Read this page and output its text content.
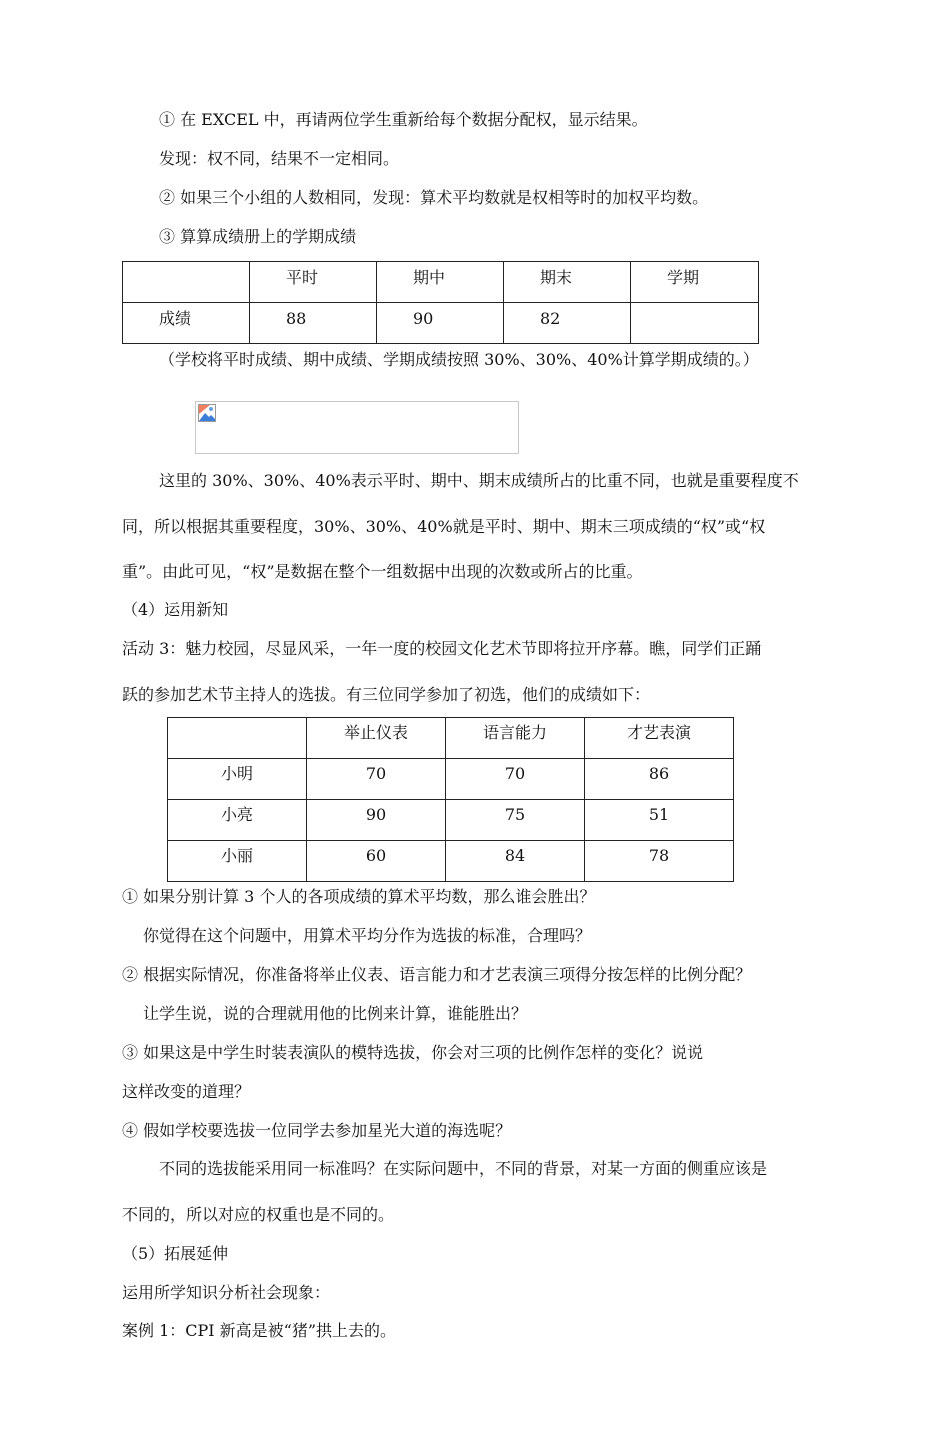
① 在 EXCEL 中，再请两位学生重新给每个数据分配权，显示结果。
发现：权不同，结果不一定相同。
② 如果三个小组的人数相同，发现：算术平均数就是权相等时的加权平均数。
③ 算算成绩册上的学期成绩

	平时	期中	期末	学期

成绩	88	90	82	

（学校将平时成绩、期中成绩、学期成绩按照 30%、30%、40%计算学期成绩的。）
这里的 30%、30%、40%表示平时、期中、期末成绩所占的比重不同，也就是重要程度不
同，所以根据其重要程度，30%、30%、40%就是平时、期中、期末三项成绩的“权”或“权
重”。由此可见，“权”是数据在整个一组数据中出现的次数或所占的比重。
（4）运用新知
活动 3：魅力校园，尽显风采，一年一度的校园文化艺术节即将拉开序幕。瞧，同学们正踊
跃的参加艺术节主持人的选拔。有三位同学参加了初选，他们的成绩如下：

	举止仪表	语言能力	才艺表演

小明	70	70	86

小亮	90	75	51

小丽	60	84	78
① 如果分别计算 3 个人的各项成绩的算术平均数，那么谁会胜出？
你觉得在这个问题中，用算术平均分作为选拔的标准，合理吗？
② 根据实际情况，你准备将举止仪表、语言能力和才艺表演三项得分按怎样的比例分配？
让学生说，说的合理就用他的比例来计算，谁能胜出？
③ 如果这是中学生时装表演队的模特选拔，你会对三项的比例作怎样的变化？说说
这样改变的道理？
④ 假如学校要选拔一位同学去参加星光大道的海选呢？
不同的选拔能采用同一标准吗？在实际问题中，不同的背景，对某一方面的侧重应该是
不同的，所以对应的权重也是不同的。
（5）拓展延伸
运用所学知识分析社会现象：
案例 1：CPI 新高是被“猪”拱上去的。
